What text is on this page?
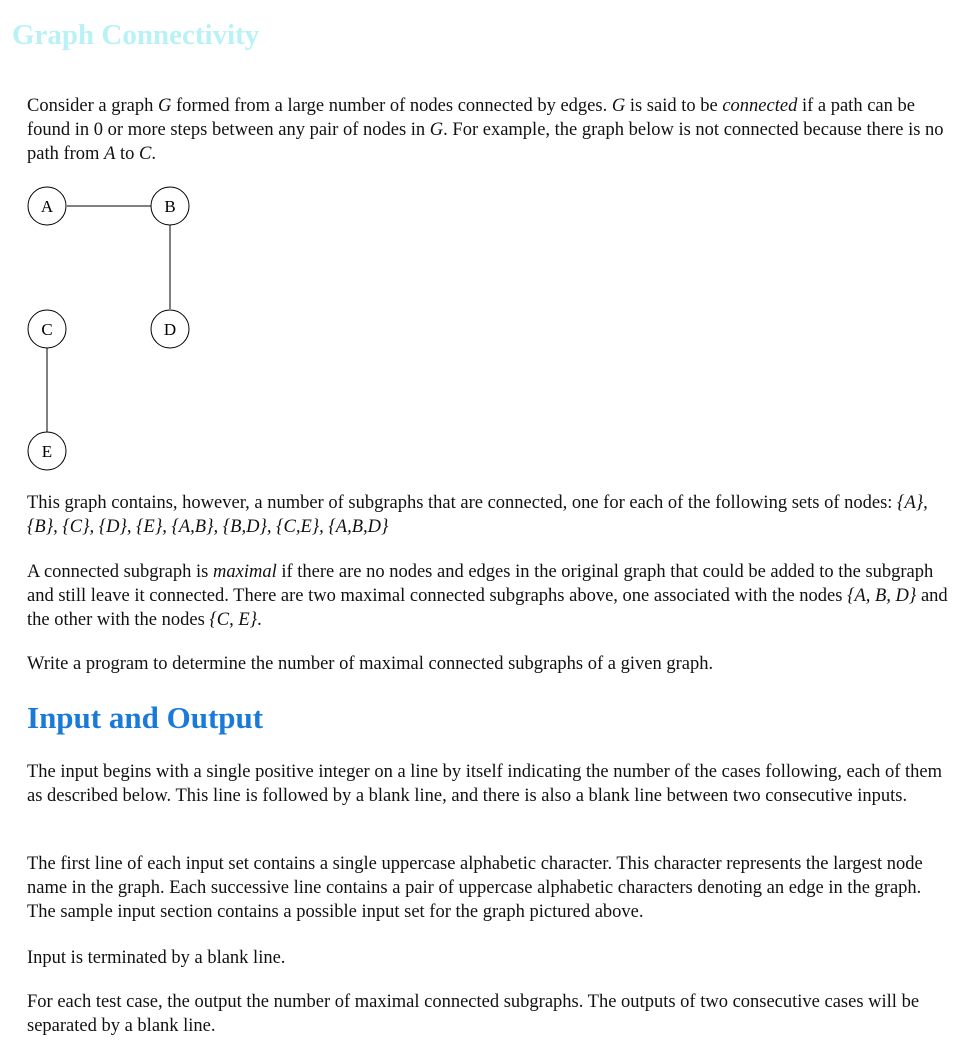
Graph Connectivity

Consider a graph G formed from a large number of nodes connected by edges. G is said to be connected if a path can be found in 0 or more steps between any pair of nodes in G. For example, the graph below is not connected because there is no path from A to C.

A	B
C	D
E

This graph contains, however, a number of subgraphs that are connected, one for each of the following sets of nodes: {A}, {B}, {C}, {D}, {E}, {A,B}, {B,D}, {C,E}, {A,B,D}

A connected subgraph is maximal if there are no nodes and edges in the original graph that could be added to the subgraph and still leave it connected. There are two maximal connected subgraphs above, one associated with the nodes {A, B, D} and the other with the nodes {C, E}.

Write a program to determine the number of maximal connected subgraphs of a given graph.

Input and Output

The input begins with a single positive integer on a line by itself indicating the number of the cases following, each of them as described below. This line is followed by a blank line, and there is also a blank line between two consecutive inputs.

The first line of each input set contains a single uppercase alphabetic character. This character represents the largest node name in the graph. Each successive line contains a pair of uppercase alphabetic characters denoting an edge in the graph. The sample input section contains a possible input set for the graph pictured above.

Input is terminated by a blank line.

For each test case, the output the number of maximal connected subgraphs. The outputs of two consecutive cases will be separated by a blank line.
